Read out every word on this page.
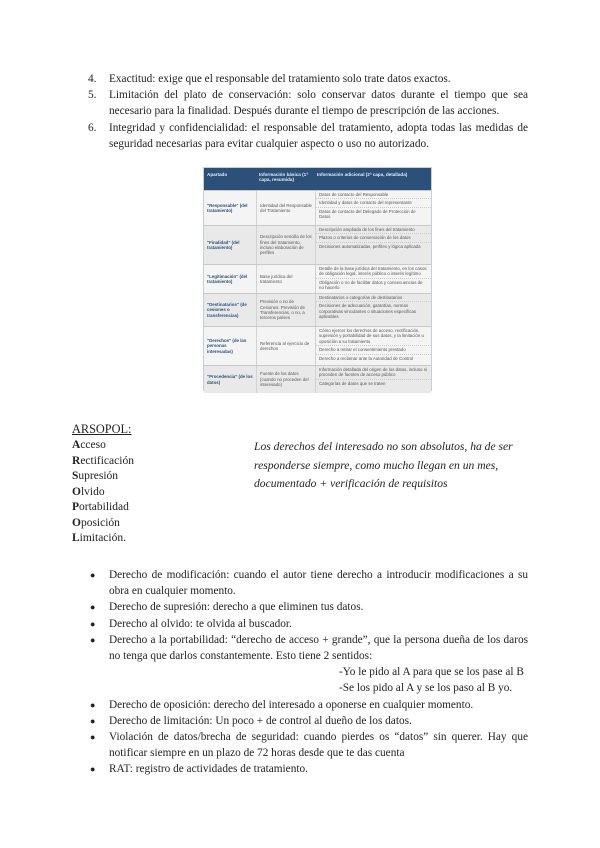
4. Exactitud: exige que el responsable del tratamiento solo trate datos exactos.
5. Limitación del plato de conservación: solo conservar datos durante el tiempo que sea necesario para la finalidad. Después durante el tiempo de prescripción de las acciones.
6. Integridad y confidencialidad: el responsable del tratamiento, adopta todas las medidas de seguridad necesarias para evitar cualquier aspecto o uso no autorizado.
Apartado	Información básica (1ª capa, resumida)
Información adicional (2ª capa, detallada)
"Responsable" (del tratamiento)
Identidad del Responsable del Tratamiento
Datos de contacto del Responsable
Identidad y datos de contacto del representante
Datos de contacto del Delegado de Protección de Datos
"Finalidad" (del tratamiento)
Descripción sencilla de los fines del tratamiento, incluso elaboración de perfiles
Descripción ampliada de los fines del tratamiento
Plazos o criterios de conservación de los datos
Decisiones automatizadas, perfiles y lógica aplicada
"Legitimación" (del tratamiento)
Base jurídica del tratamiento
Detalle de la base jurídica del tratamiento, en los casos de obligación legal, interés público o interés legítimo
Obligación o no de facilitar datos y consecuencias de no hacerlo
"Destinatarios" (de cesiones o transferencias)
Previsión o no de Cesiones. Previsión de Transferencias, o no, a terceros países
Destinatarios o categorías de destinatarios
Decisiones de adecuación, garantías, normas corporativas vinculantes o situaciones específicas aplicables
"Derechos" (de las personas interesadas)
Referencia al ejercicio de derechos
Cómo ejercer los derechos de acceso, rectificación, supresión y portabilidad de sus datos, y la limitación u oposición a su tratamiento
Derecho a retirar el consentimiento prestado
Derecho a reclamar ante la Autoridad de Control
"Procedencia" (de los datos)
Fuente de los datos (cuando no proceden del interesado)
Información detallada del origen de los datos, incluso si proceden de fuentes de acceso público
Categorías de datos que se traten
ARSOPOL:
Acceso
Rectificación
Supresión
Olvido
Portabilidad
Oposición
Limitación.
Los derechos del interesado no son absolutos, ha de ser responderse siempre, como mucho llegan en un mes, documentado + verificación de requisitos
● Derecho de modificación: cuando el autor tiene derecho a introducir modificaciones a su obra en cualquier momento.
● Derecho de supresión: derecho a que eliminen tus datos.
● Derecho al olvido: te olvida al buscador.
● Derecho a la portabilidad: “derecho de acceso + grande”, que la persona dueña de los daros no tenga que darlos constantemente. Esto tiene 2 sentidos:
-Yo le pido al A para que se los pase al B
-Se los pido al A y se los paso al B yo.
● Derecho de oposición: derecho del interesado a oponerse en cualquier momento.
● Derecho de limitación: Un poco + de control al dueño de los datos.
● Violación de datos/brecha de seguridad: cuando pierdes os “datos” sin querer. Hay que notificar siempre en un plazo de 72 horas desde que te das cuenta
● RAT: registro de actividades de tratamiento.
